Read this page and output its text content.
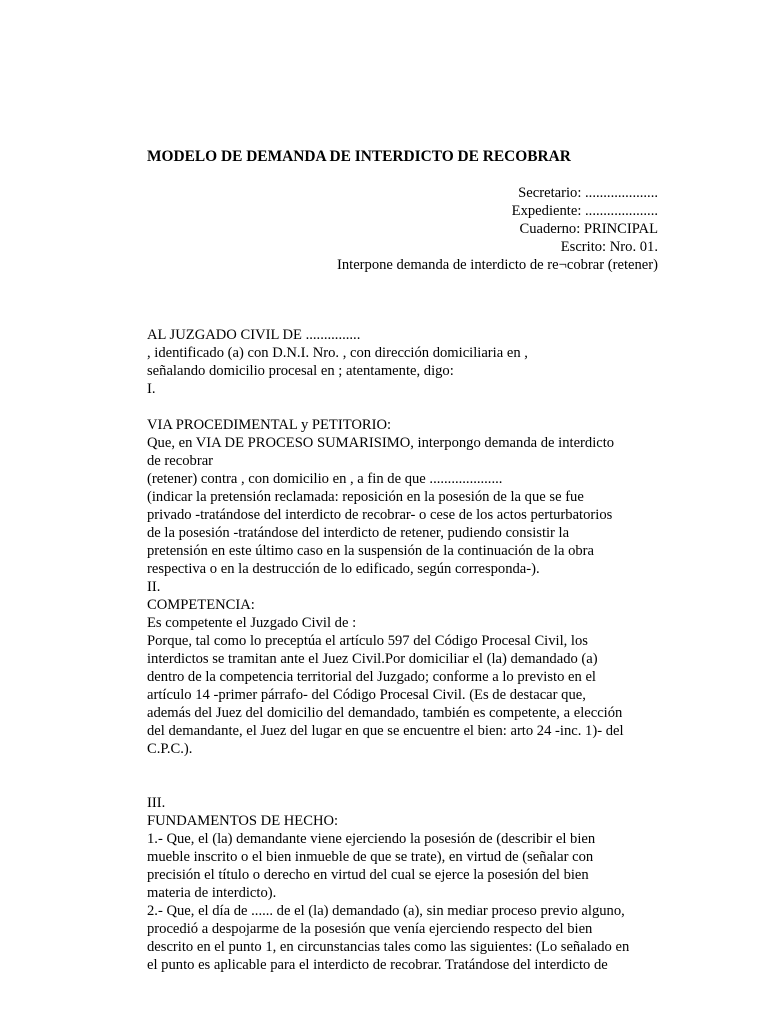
MODELO DE DEMANDA DE INTERDICTO DE RECOBRAR
Secretario: ....................
Expediente: ....................
Cuaderno: PRINCIPAL
Escrito: Nro. 01.
Interpone demanda de interdicto de re¬cobrar (retener)
AL JUZGADO CIVIL DE ...............
, identificado (a) con D.N.I. Nro. , con dirección domiciliaria en ,
señalando domicilio procesal en ; atentamente, digo:
I.
VIA PROCEDIMENTAL y PETITORIO:
Que, en VIA DE PROCESO SUMARISIMO, interpongo demanda de interdicto
de recobrar
(retener) contra , con domicilio en , a fin de que ....................
(indicar la pretensión reclamada: reposición en la posesión de la que se fue
privado -tratándose del interdicto de recobrar- o cese de los actos perturbatorios
de la posesión -tratándose del interdicto de retener, pudiendo consistir la
pretensión en este último caso en la suspensión de la continuación de la obra
respectiva o en la destrucción de lo edificado, según corresponda-).
II.
COMPETENCIA:
Es competente el Juzgado Civil de :
Porque, tal como lo preceptúa el artículo 597 del Código Procesal Civil, los
interdictos se tramitan ante el Juez Civil.Por domiciliar el (la) demandado (a)
dentro de la competencia territorial del Juzgado; conforme a lo previsto en el
artículo 14 -primer párrafo- del Código Procesal Civil. (Es de destacar que,
además del Juez del domicilio del demandado, también es competente, a elección
del demandante, el Juez del lugar en que se encuentre el bien: arto 24 -inc. 1)- del
C.P.C.).
III.
FUNDAMENTOS DE HECHO:
1.- Que, el (la) demandante viene ejerciendo la posesión de (describir el bien
mueble inscrito o el bien inmueble de que se trate), en virtud de (señalar con
precisión el título o derecho en virtud del cual se ejerce la posesión del bien
materia de interdicto).
2.- Que, el día de ...... de el (la) demandado (a), sin mediar proceso previo alguno,
procedió a despojarme de la posesión que venía ejerciendo respecto del bien
descrito en el punto 1, en circunstancias tales como las siguientes: (Lo señalado en
el punto es aplicable para el interdicto de recobrar. Tratándose del interdicto de
